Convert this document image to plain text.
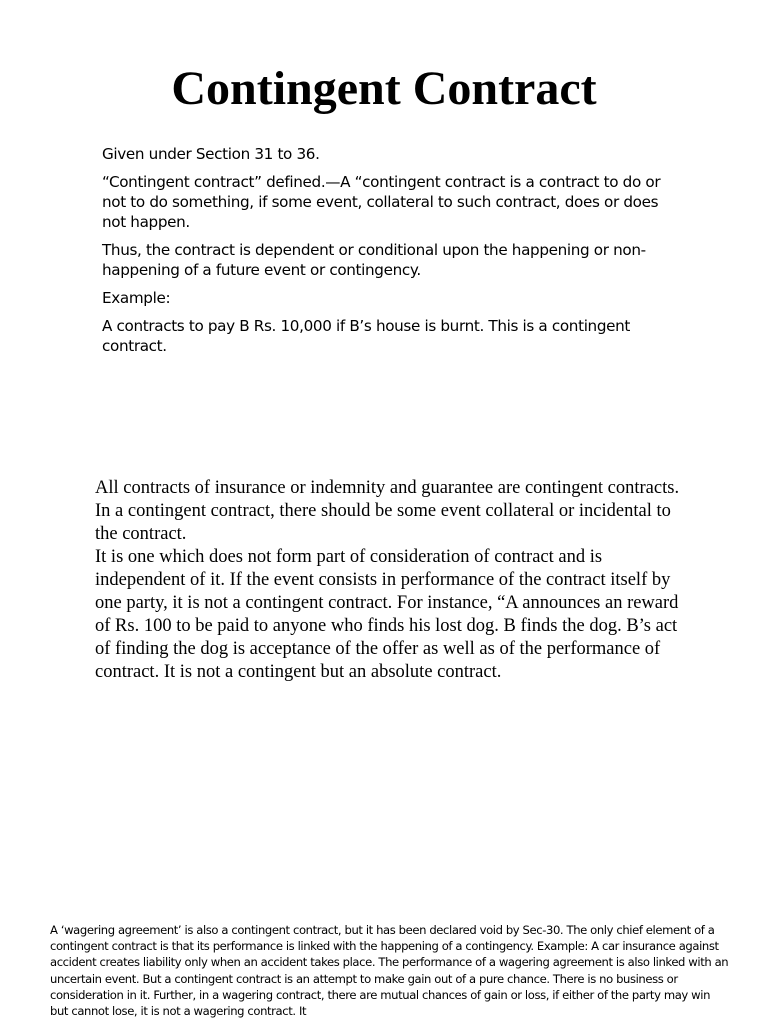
Contingent Contract

Given under Section 31 to 36.

“Contingent contract” defined.—A “contingent contract is a contract to do or not to do something, if some event, collateral to such contract, does or does not happen.

Thus, the contract is dependent or conditional upon the happening or non-happening of a future event or contingency.

Example:

A contracts to pay B Rs. 10,000 if B’s house is burnt. This is a contingent contract.

All contracts of insurance or indemnity and guarantee are contingent contracts.

In a contingent contract, there should be some event collateral or incidental to the contract.

It is one which does not form part of consideration of contract and is independent of it. If the event consists in performance of the contract itself by one party, it is not a contingent contract. For instance, “A announces an reward of Rs. 100 to be paid to anyone who finds his lost dog. B finds the dog. B’s act of finding the dog is acceptance of the offer as well as of the performance of contract. It is not a contingent but an absolute contract.

A ‘wagering agreement’ is also a contingent contract, but it has been declared void by Sec-30. The only chief element of a contingent contract is that its performance is linked with the happening of a contingency. Example: A car insurance against accident creates liability only when an accident takes place. The performance of a wagering agreement is also linked with an uncertain event. But a contingent contract is an attempt to make gain out of a pure chance. There is no business or consideration in it. Further, in a wagering contract, there are mutual chances of gain or loss, if either of the party may win but cannot lose, it is not a wagering contract. It
